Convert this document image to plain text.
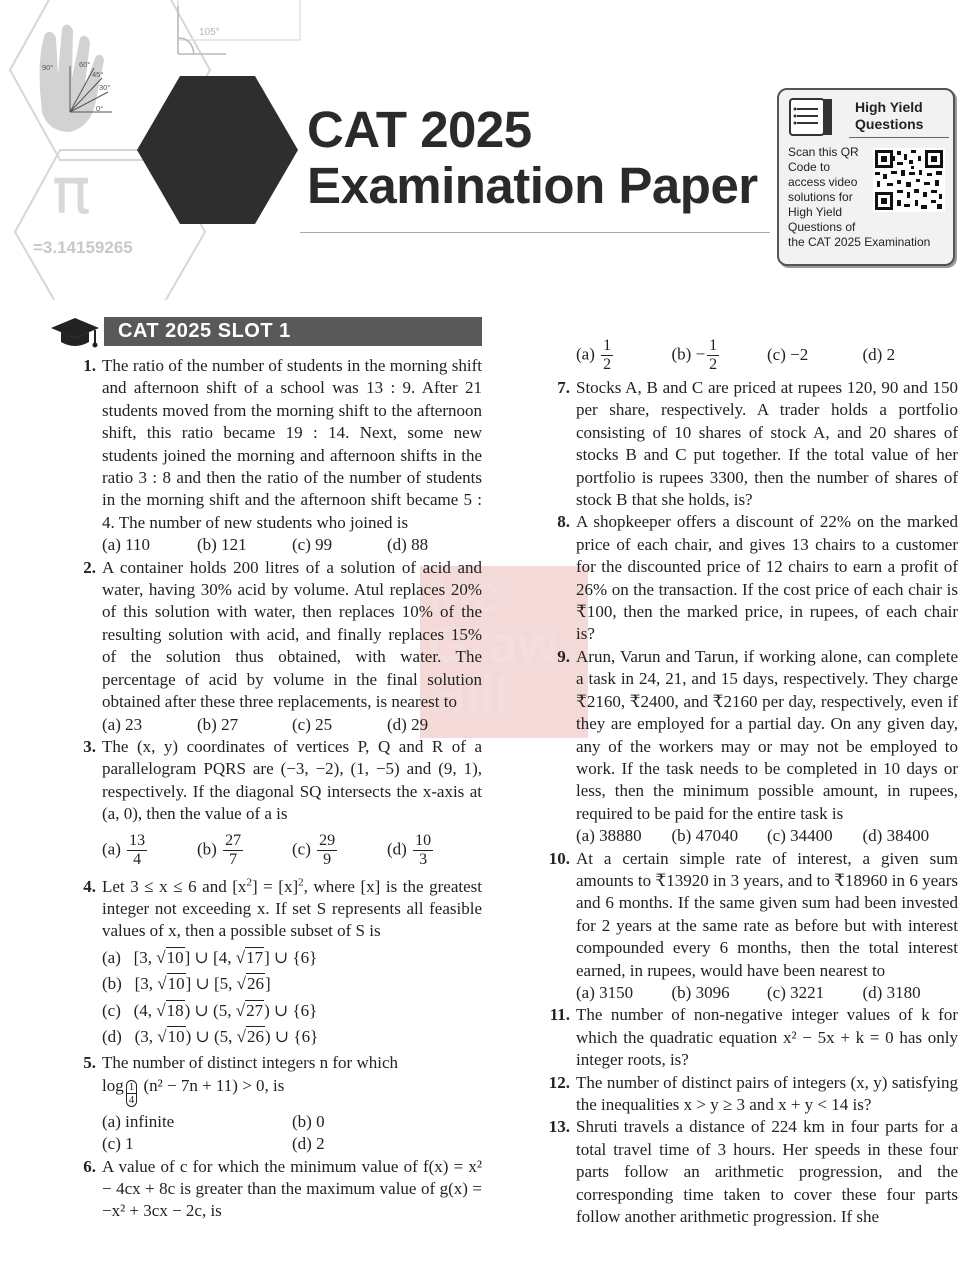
90°	60°
45°
30°
0°
105°
π
=3.14159265
CAT 2025
Examination Paper
High Yield
Questions
Scan this QR
Code to
access video
solutions for
High Yield
Questions of
the CAT 2025 Examination
CAT 2025 SLOT 1
Mc
Graw
Hill
1. The ratio of the number of students in the morning shift and afternoon shift of a school was 13 : 9. After 21 students moved from the morning shift to the afternoon shift, this ratio became 19 : 14. Next, some new students joined the morning and afternoon shifts in the ratio 3 : 8 and then the ratio of the number of students in the morning shift and the afternoon shift became 5 : 4. The number of new students who joined is
(a) 110	(b) 121	(c) 99	(d) 88
2. A container holds 200 litres of a solution of acid and water, having 30% acid by volume. Atul replaces 20% of this solution with water, then replaces 10% of the resulting solution with acid, and finally replaces 15% of the solution thus obtained, with water. The percentage of acid by volume in the final solution obtained after these three replacements, is nearest to
(a) 23	(b) 27	(c) 25	(d) 29
3. The (x, y) coordinates of vertices P, Q and R of a parallelogram PQRS are (−3, −2), (1, −5) and (9, 1), respectively. If the diagonal SQ intersects the x-axis at (a, 0), then the value of a is
$(a) \frac{13}{4}$	$(b) \frac{27}{7}$	$(c) \frac{29}{9}$	$(d) \frac{10}{3}$
4. Let 3 ≤ x ≤ 6 and $[x^2] = [x]^2$, where [x] is the greatest integer not exceeding x. If set S represents all feasible values of x, then a possible subset of S is
(a) [3, √10] ∪ [4, √17] ∪ {6}
(b) [3, √10] ∪ [5, √26]
(c) (4, √18) ∪ (5, √27) ∪ {6}
(d) (3, √10) ∪ (5, √26) ∪ {6}
5. The number of distinct integers n for which
$\log \frac{1}{4} (n^2 - 7n + 11) > 0$, is
(a) infinite	(b) 0
(c) 1	(d) 2
6. A value of c for which the minimum value of f(x) = x² − 4cx + 8c is greater than the maximum value of g(x) = −x² + 3cx − 2c, is
$(a) \frac{1}{2}$	$(b) - \frac{1}{2}$	(c) −2	(d) 2
7. Stocks A, B and C are priced at rupees 120, 90 and 150 per share, respectively. A trader holds a portfolio consisting of 10 shares of stock A, and 20 shares of stocks B and C put together. If the total value of her portfolio is rupees 3300, then the number of shares of stock B that she holds, is?
8. A shopkeeper offers a discount of 22% on the marked price of each chair, and gives 13 chairs to a customer for the discounted price of 12 chairs to earn a profit of 26% on the transaction. If the cost price of each chair is ₹100, then the marked price, in rupees, of each chair is?
9. Arun, Varun and Tarun, if working alone, can complete a task in 24, 21, and 15 days, respectively. They charge ₹2160, ₹2400, and ₹2160 per day, respectively, even if they are employed for a partial day. On any given day, any of the workers may or may not be employed to work. If the task needs to be completed in 10 days or less, then the minimum possible amount, in rupees, required to be paid for the entire task is
(a) 38880	(b) 47040	(c) 34400	(d) 38400
10. At a certain simple rate of interest, a given sum amounts to ₹13920 in 3 years, and to ₹18960 in 6 years and 6 months. If the same given sum had been invested for 2 years at the same rate as before but with interest compounded every 6 months, then the total interest earned, in rupees, would have been nearest to
(a) 3150	(b) 3096	(c) 3221	(d) 3180
11. The number of non-negative integer values of k for which the quadratic equation x² − 5x + k = 0 has only integer roots, is?
12. The number of distinct pairs of integers (x, y) satisfying the inequalities x > y ≥ 3 and x + y < 14 is?
13. Shruti travels a distance of 224 km in four parts for a total travel time of 3 hours. Her speeds in these four parts follow an arithmetic progression, and the corresponding time taken to cover these four parts follow another arithmetic progression. If she
